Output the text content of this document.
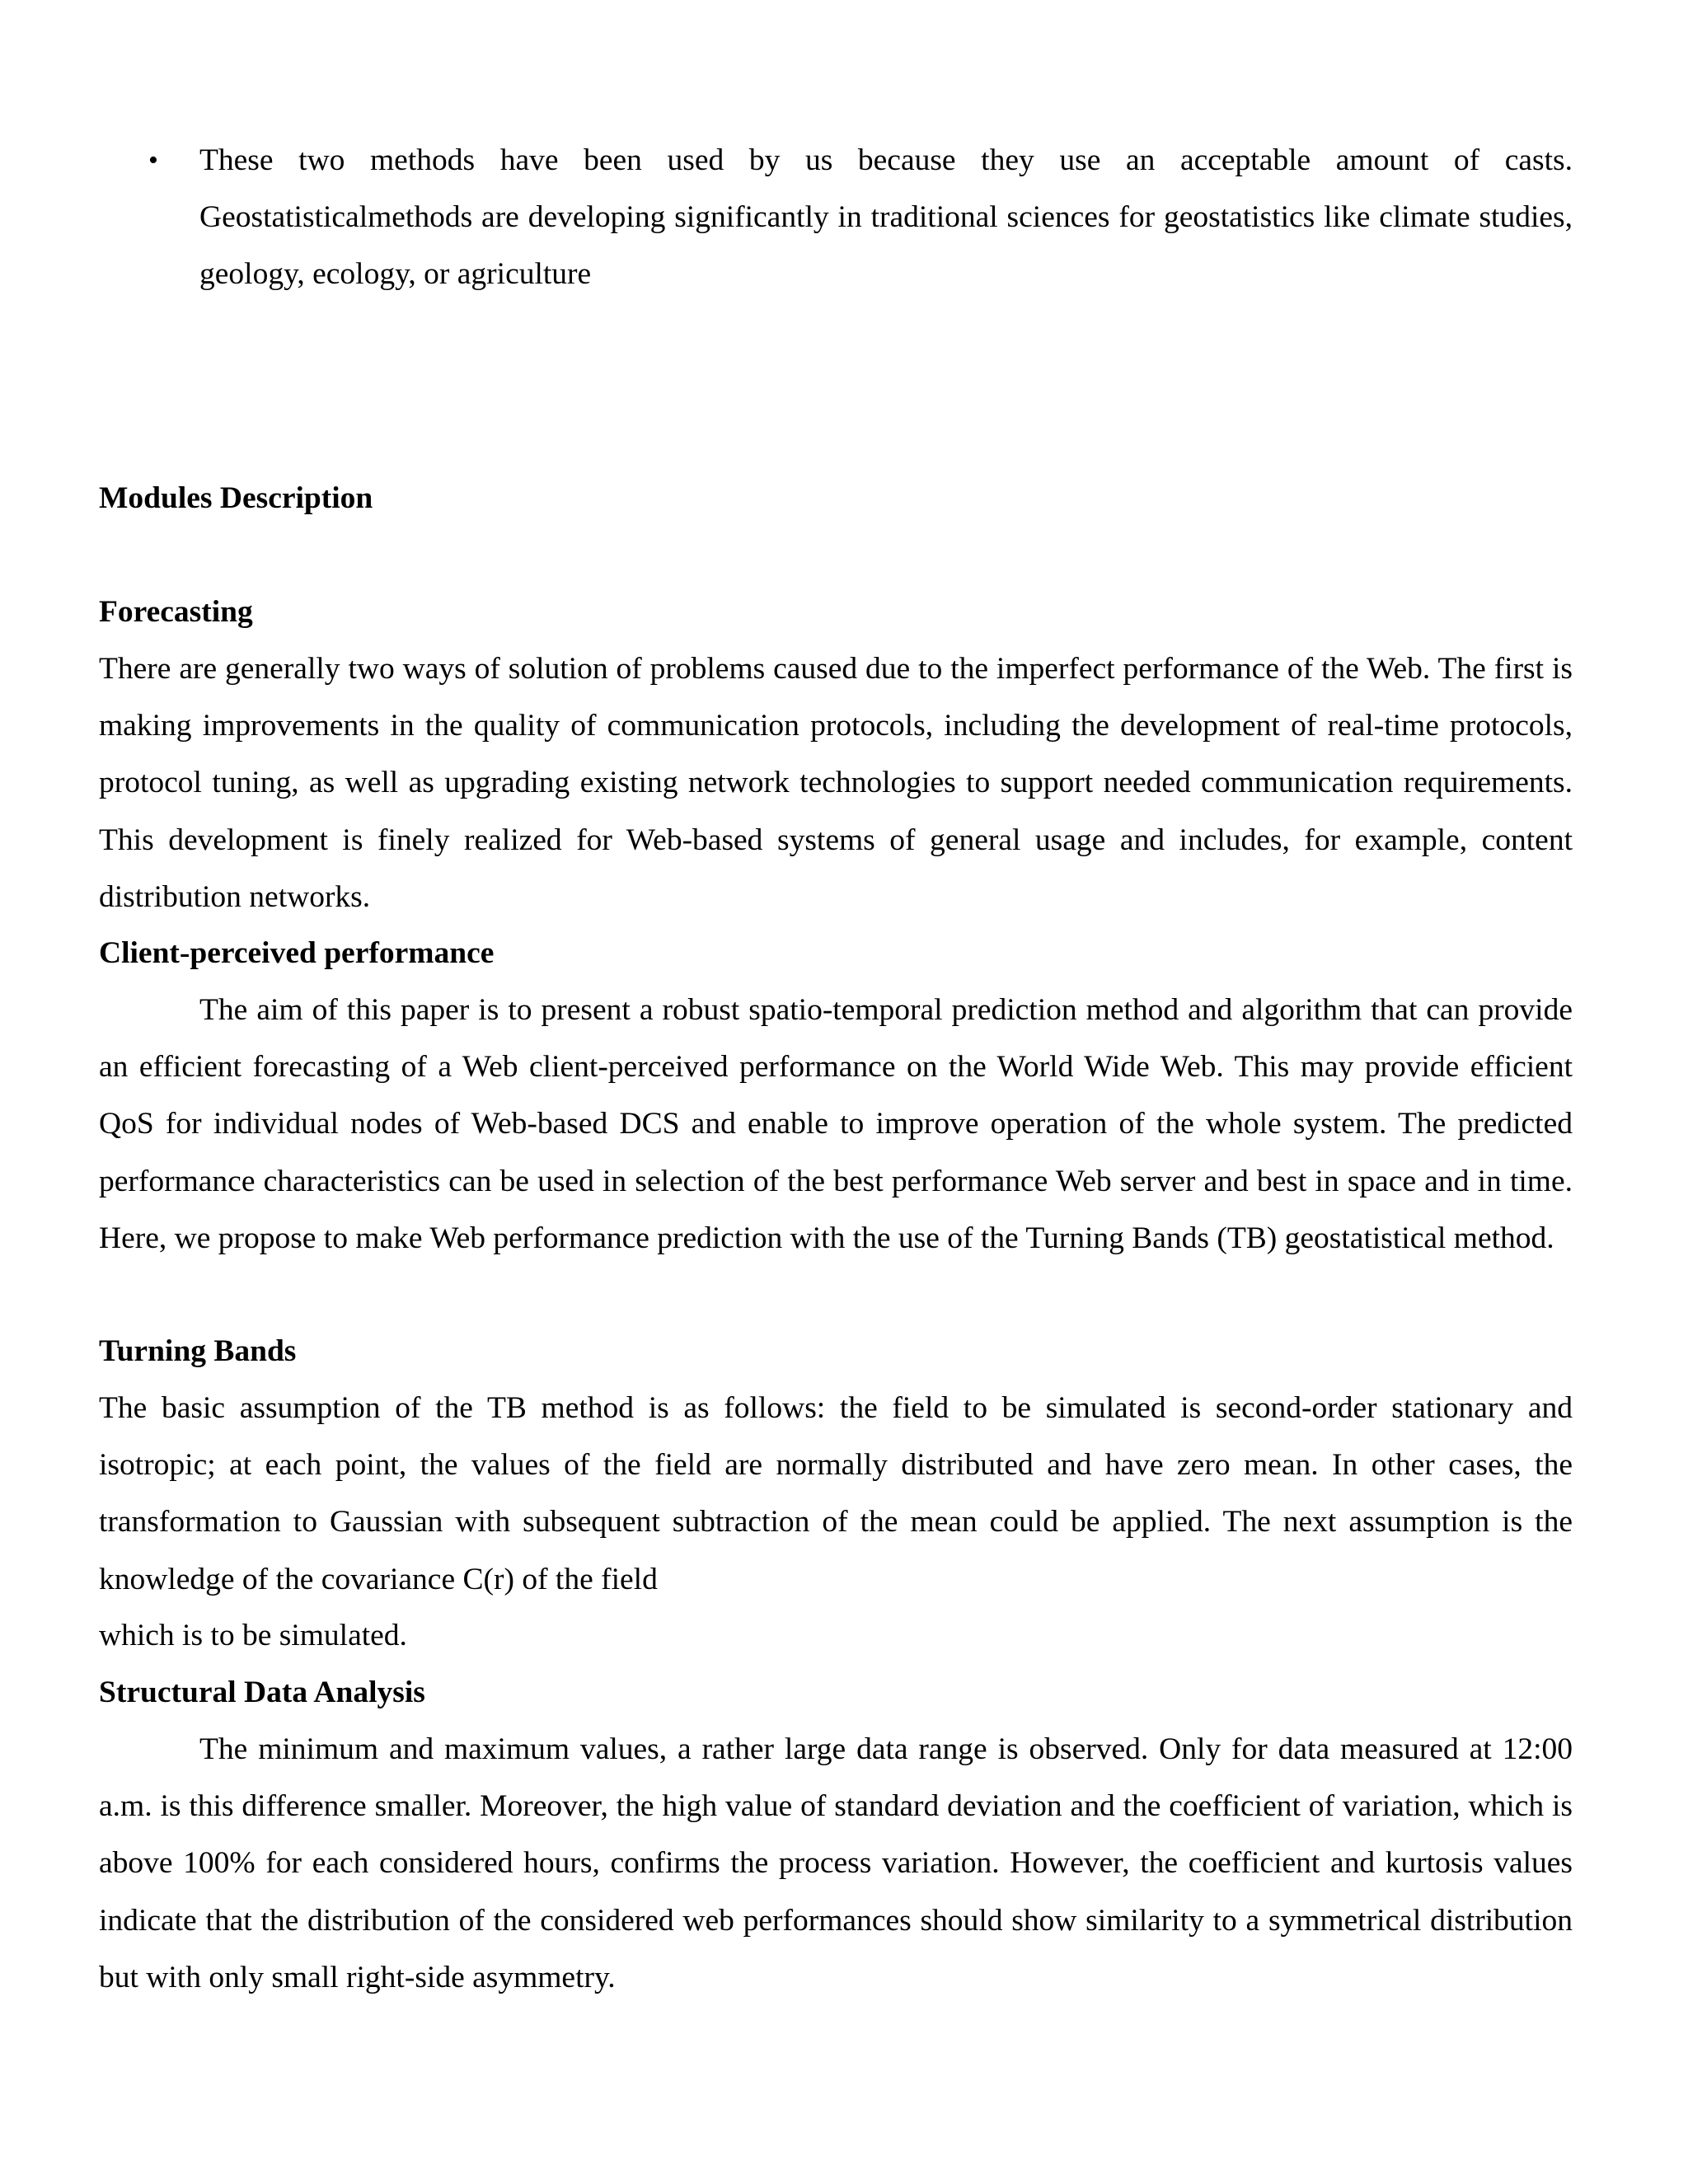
• These two methods have been used by us because they use an acceptable amount of casts. Geostatisticalmethods are developing significantly in traditional sciences for geostatistics like climate studies, geology, ecology, or agriculture
Modules Description
Forecasting
There are generally two ways of solution of problems caused due to the imperfect performance of the Web. The first is making improvements in the quality of communication protocols, including the development of real-time protocols, protocol tuning, as well as upgrading existing network technologies to support needed communication requirements. This development is finely realized for Web-based systems of general usage and includes, for example, content distribution networks.
Client-perceived performance
The aim of this paper is to present a robust spatio-temporal prediction method and algorithm that can provide an efficient forecasting of a Web client-perceived performance on the World Wide Web. This may provide efficient QoS for individual nodes of Web-based DCS and enable to improve operation of the whole system. The predicted performance characteristics can be used in selection of the best performance Web server and best in space and in time. Here, we propose to make Web performance prediction with the use of the Turning Bands (TB) geostatistical method.
Turning Bands
The basic assumption of the TB method is as follows: the field to be simulated is second-order stationary and isotropic; at each point, the values of the field are normally distributed and have zero mean. In other cases, the transformation to Gaussian with subsequent subtraction of the mean could be applied. The next assumption is the knowledge of the covariance C(r) of the field
which is to be simulated.
Structural Data Analysis
The minimum and maximum values, a rather large data range is observed. Only for data measured at 12:00 a.m. is this difference smaller. Moreover, the high value of standard deviation and the coefficient of variation, which is above 100% for each considered hours, confirms the process variation. However, the coefficient and kurtosis values indicate that the distribution of the considered web performances should show similarity to a symmetrical distribution but with only small right-side asymmetry.
